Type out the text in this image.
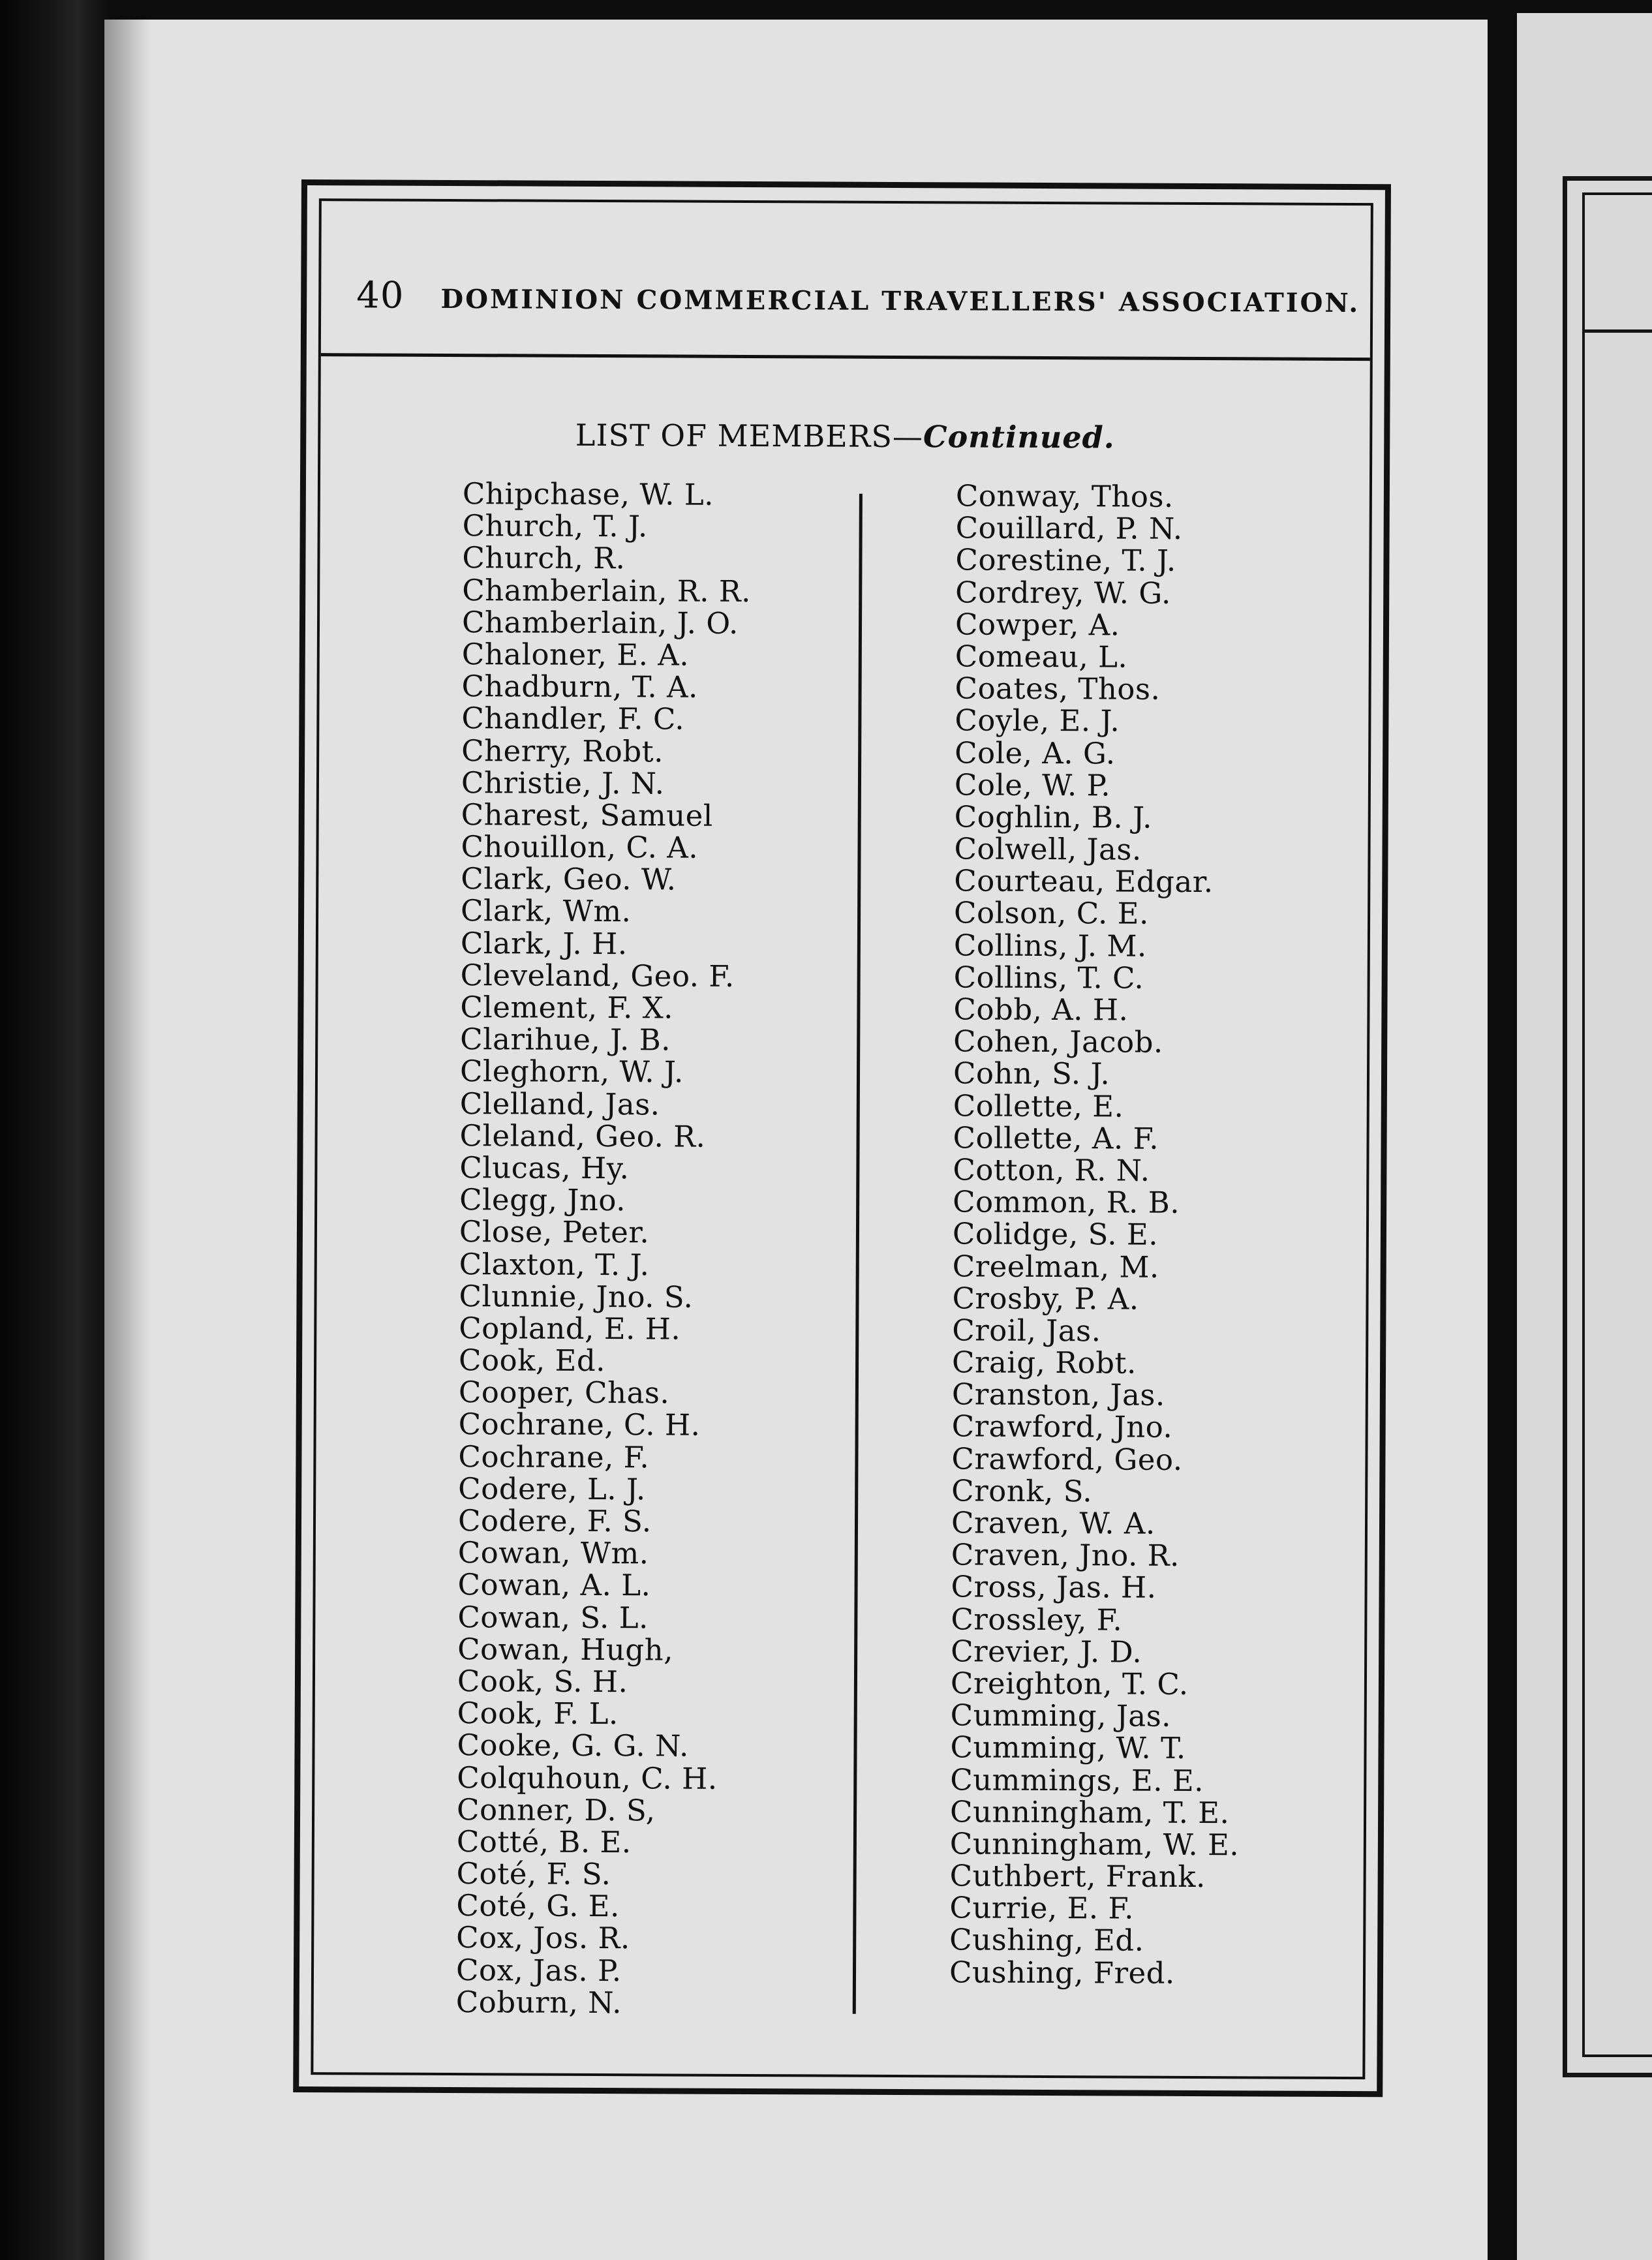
40 DOMINION COMMERCIAL TRAVELLERS' ASSOCIATION.
LIST OF MEMBERS—Continued.
Chipchase, W. L.
Church, T. J.
Church, R.
Chamberlain, R. R.
Chamberlain, J. O.
Chaloner, E. A.
Chadburn, T. A.
Chandler, F. C.
Cherry, Robt.
Christie, J. N.
Charest, Samuel
Chouillon, C. A.
Clark, Geo. W.
Clark, Wm.
Clark, J. H.
Cleveland, Geo. F.
Clement, F. X.
Clarihue, J. B.
Cleghorn, W. J.
Clelland, Jas.
Cleland, Geo. R.
Clucas, Hy.
Clegg, Jno.
Close, Peter.
Claxton, T. J.
Clunnie, Jno. S.
Copland, E. H.
Cook, Ed.
Cooper, Chas.
Cochrane, C. H.
Cochrane, F.
Codere, L. J.
Codere, F. S.
Cowan, Wm.
Cowan, A. L.
Cowan, S. L.
Cowan, Hugh,
Cook, S. H.
Cook, F. L.
Cooke, G. G. N.
Colquhoun, C. H.
Conner, D. S,
Cotté, B. E.
Coté, F. S.
Coté, G. E.
Cox, Jos. R.
Cox, Jas. P.
Coburn, N.
Conway, Thos.
Couillard, P. N.
Corestine, T. J.
Cordrey, W. G.
Cowper, A.
Comeau, L.
Coates, Thos.
Coyle, E. J.
Cole, A. G.
Cole, W. P.
Coghlin, B. J.
Colwell, Jas.
Courteau, Edgar.
Colson, C. E.
Collins, J. M.
Collins, T. C.
Cobb, A. H.
Cohen, Jacob.
Cohn, S. J.
Collette, E.
Collette, A. F.
Cotton, R. N.
Common, R. B.
Colidge, S. E.
Creelman, M.
Crosby, P. A.
Croil, Jas.
Craig, Robt.
Cranston, Jas.
Crawford, Jno.
Crawford, Geo.
Cronk, S.
Craven, W. A.
Craven, Jno. R.
Cross, Jas. H.
Crossley, F.
Crevier, J. D.
Creighton, T. C.
Cumming, Jas.
Cumming, W. T.
Cummings, E. E.
Cunningham, T. E.
Cunningham, W. E.
Cuthbert, Frank.
Currie, E. F.
Cushing, Ed.
Cushing, Fred.
